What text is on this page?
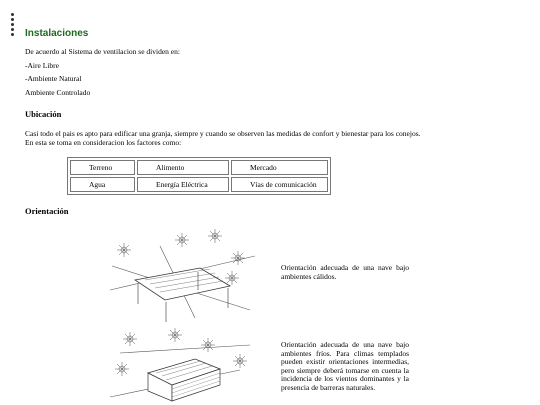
Instalaciones

De acuerdo al Sistema de ventilacion se dividen en:

-Aire Libre

-Ambiente Natural

Ambiente Controlado

Ubicación

Casi todo el pais es apto para edificar una granja, siempre y cuando se observen las medidas de confort y bienestar para los conejos.

En esta se toma en consideracion los factores como:

Terreno	Alimento	Mercado
Agua	Energía Eléctrica	Vías de comunicación
Orientación

Orientación adecuada de una nave bajo ambientes cálidos.

Orientación adecuada de una nave bajo ambientes fríos. Para climas templados pueden existir orientaciones intermedias, pero siempre deberá tomarse en cuenta la incidencia de los vientos dominantes y la presencia de barreras naturales.
